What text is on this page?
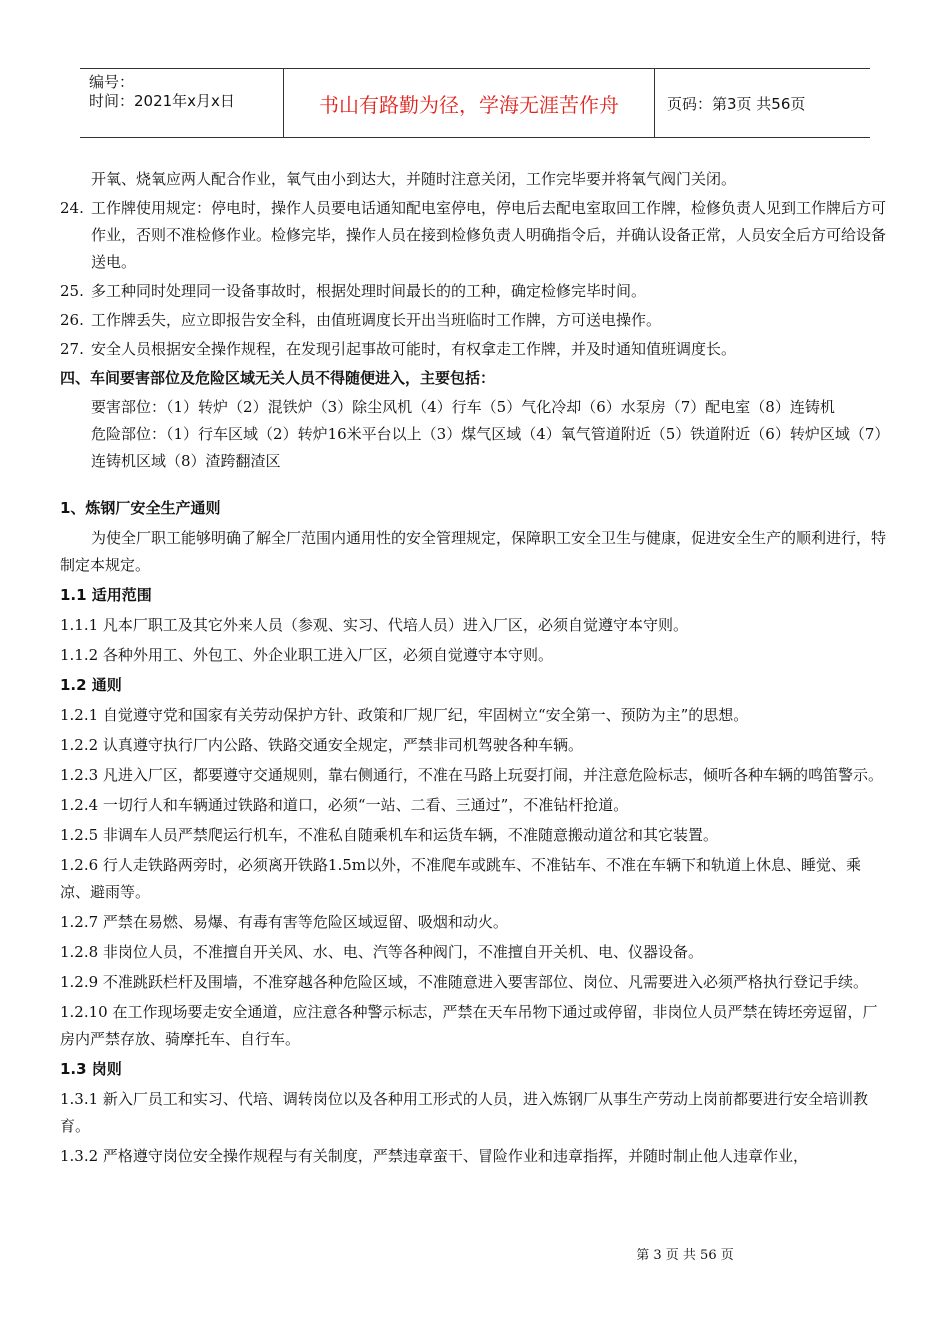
编号：
时间：2021年x月x日	书山有路勤为径，学海无涯苦作舟	页码：第3页 共56页

开氧、烧氧应两人配合作业，氧气由小到达大，并随时注意关闭，工作完毕要并将氧气阀门关闭。

24. 工作牌使用规定：停电时，操作人员要电话通知配电室停电，停电后去配电室取回工作牌，检修负责人见到工作牌后方可作业，否则不准检修作业。检修完毕，操作人员在接到检修负责人明确指令后，并确认设备正常，人员安全后方可给设备送电。
25. 多工种同时处理同一设备事故时，根据处理时间最长的的工种，确定检修完毕时间。
26. 工作牌丢失，应立即报告安全科，由值班调度长开出当班临时工作牌，方可送电操作。
27. 安全人员根据安全操作规程，在发现引起事故可能时，有权拿走工作牌，并及时通知值班调度长。

四、车间要害部位及危险区域无关人员不得随便进入，主要包括：

要害部位：（1）转炉（2）混铁炉（3）除尘风机（4）行车（5）气化冷却（6）水泵房（7）配电室（8）连铸机

危险部位：（1）行车区域（2）转炉16米平台以上（3）煤气区域（4）氧气管道附近（5）铁道附近（6）转炉区域（7）连铸机区域（8）渣跨翻渣区

1、炼钢厂安全生产通则

为使全厂职工能够明确了解全厂范围内通用性的安全管理规定，保障职工安全卫生与健康，促进安全生产的顺利进行，特制定本规定。

1.1 适用范围

1.1.1 凡本厂职工及其它外来人员（参观、实习、代培人员）进入厂区，必须自觉遵守本守则。

1.1.2 各种外用工、外包工、外企业职工进入厂区，必须自觉遵守本守则。

1.2 通则

1.2.1 自觉遵守党和国家有关劳动保护方针、政策和厂规厂纪，牢固树立“安全第一、预防为主”的思想。

1.2.2 认真遵守执行厂内公路、铁路交通安全规定，严禁非司机驾驶各种车辆。

1.2.3 凡进入厂区，都要遵守交通规则，靠右侧通行，不准在马路上玩耍打闹，并注意危险标志，倾听各种车辆的鸣笛警示。

1.2.4 一切行人和车辆通过铁路和道口，必须“一站、二看、三通过”，不准钻杆抢道。

1.2.5 非调车人员严禁爬运行机车，不准私自随乘机车和运货车辆，不准随意搬动道岔和其它装置。

1.2.6 行人走铁路两旁时，必须离开铁路1.5m以外，不准爬车或跳车、不准钻车、不准在车辆下和轨道上休息、睡觉、乘凉、避雨等。

1.2.7 严禁在易燃、易爆、有毒有害等危险区域逗留、吸烟和动火。

1.2.8 非岗位人员，不准擅自开关风、水、电、汽等各种阀门，不准擅自开关机、电、仪器设备。

1.2.9 不准跳跃栏杆及围墙，不准穿越各种危险区域，不准随意进入要害部位、岗位、凡需要进入必须严格执行登记手续。

1.2.10 在工作现场要走安全通道，应注意各种警示标志，严禁在天车吊物下通过或停留，非岗位人员严禁在铸坯旁逗留，厂房内严禁存放、骑摩托车、自行车。

1.3 岗则

1.3.1 新入厂员工和实习、代培、调转岗位以及各种用工形式的人员，进入炼钢厂从事生产劳动上岗前都要进行安全培训教育。

1.3.2 严格遵守岗位安全操作规程与有关制度，严禁违章蛮干、冒险作业和违章指挥，并随时制止他人违章作业，

第 3 页 共 56 页
